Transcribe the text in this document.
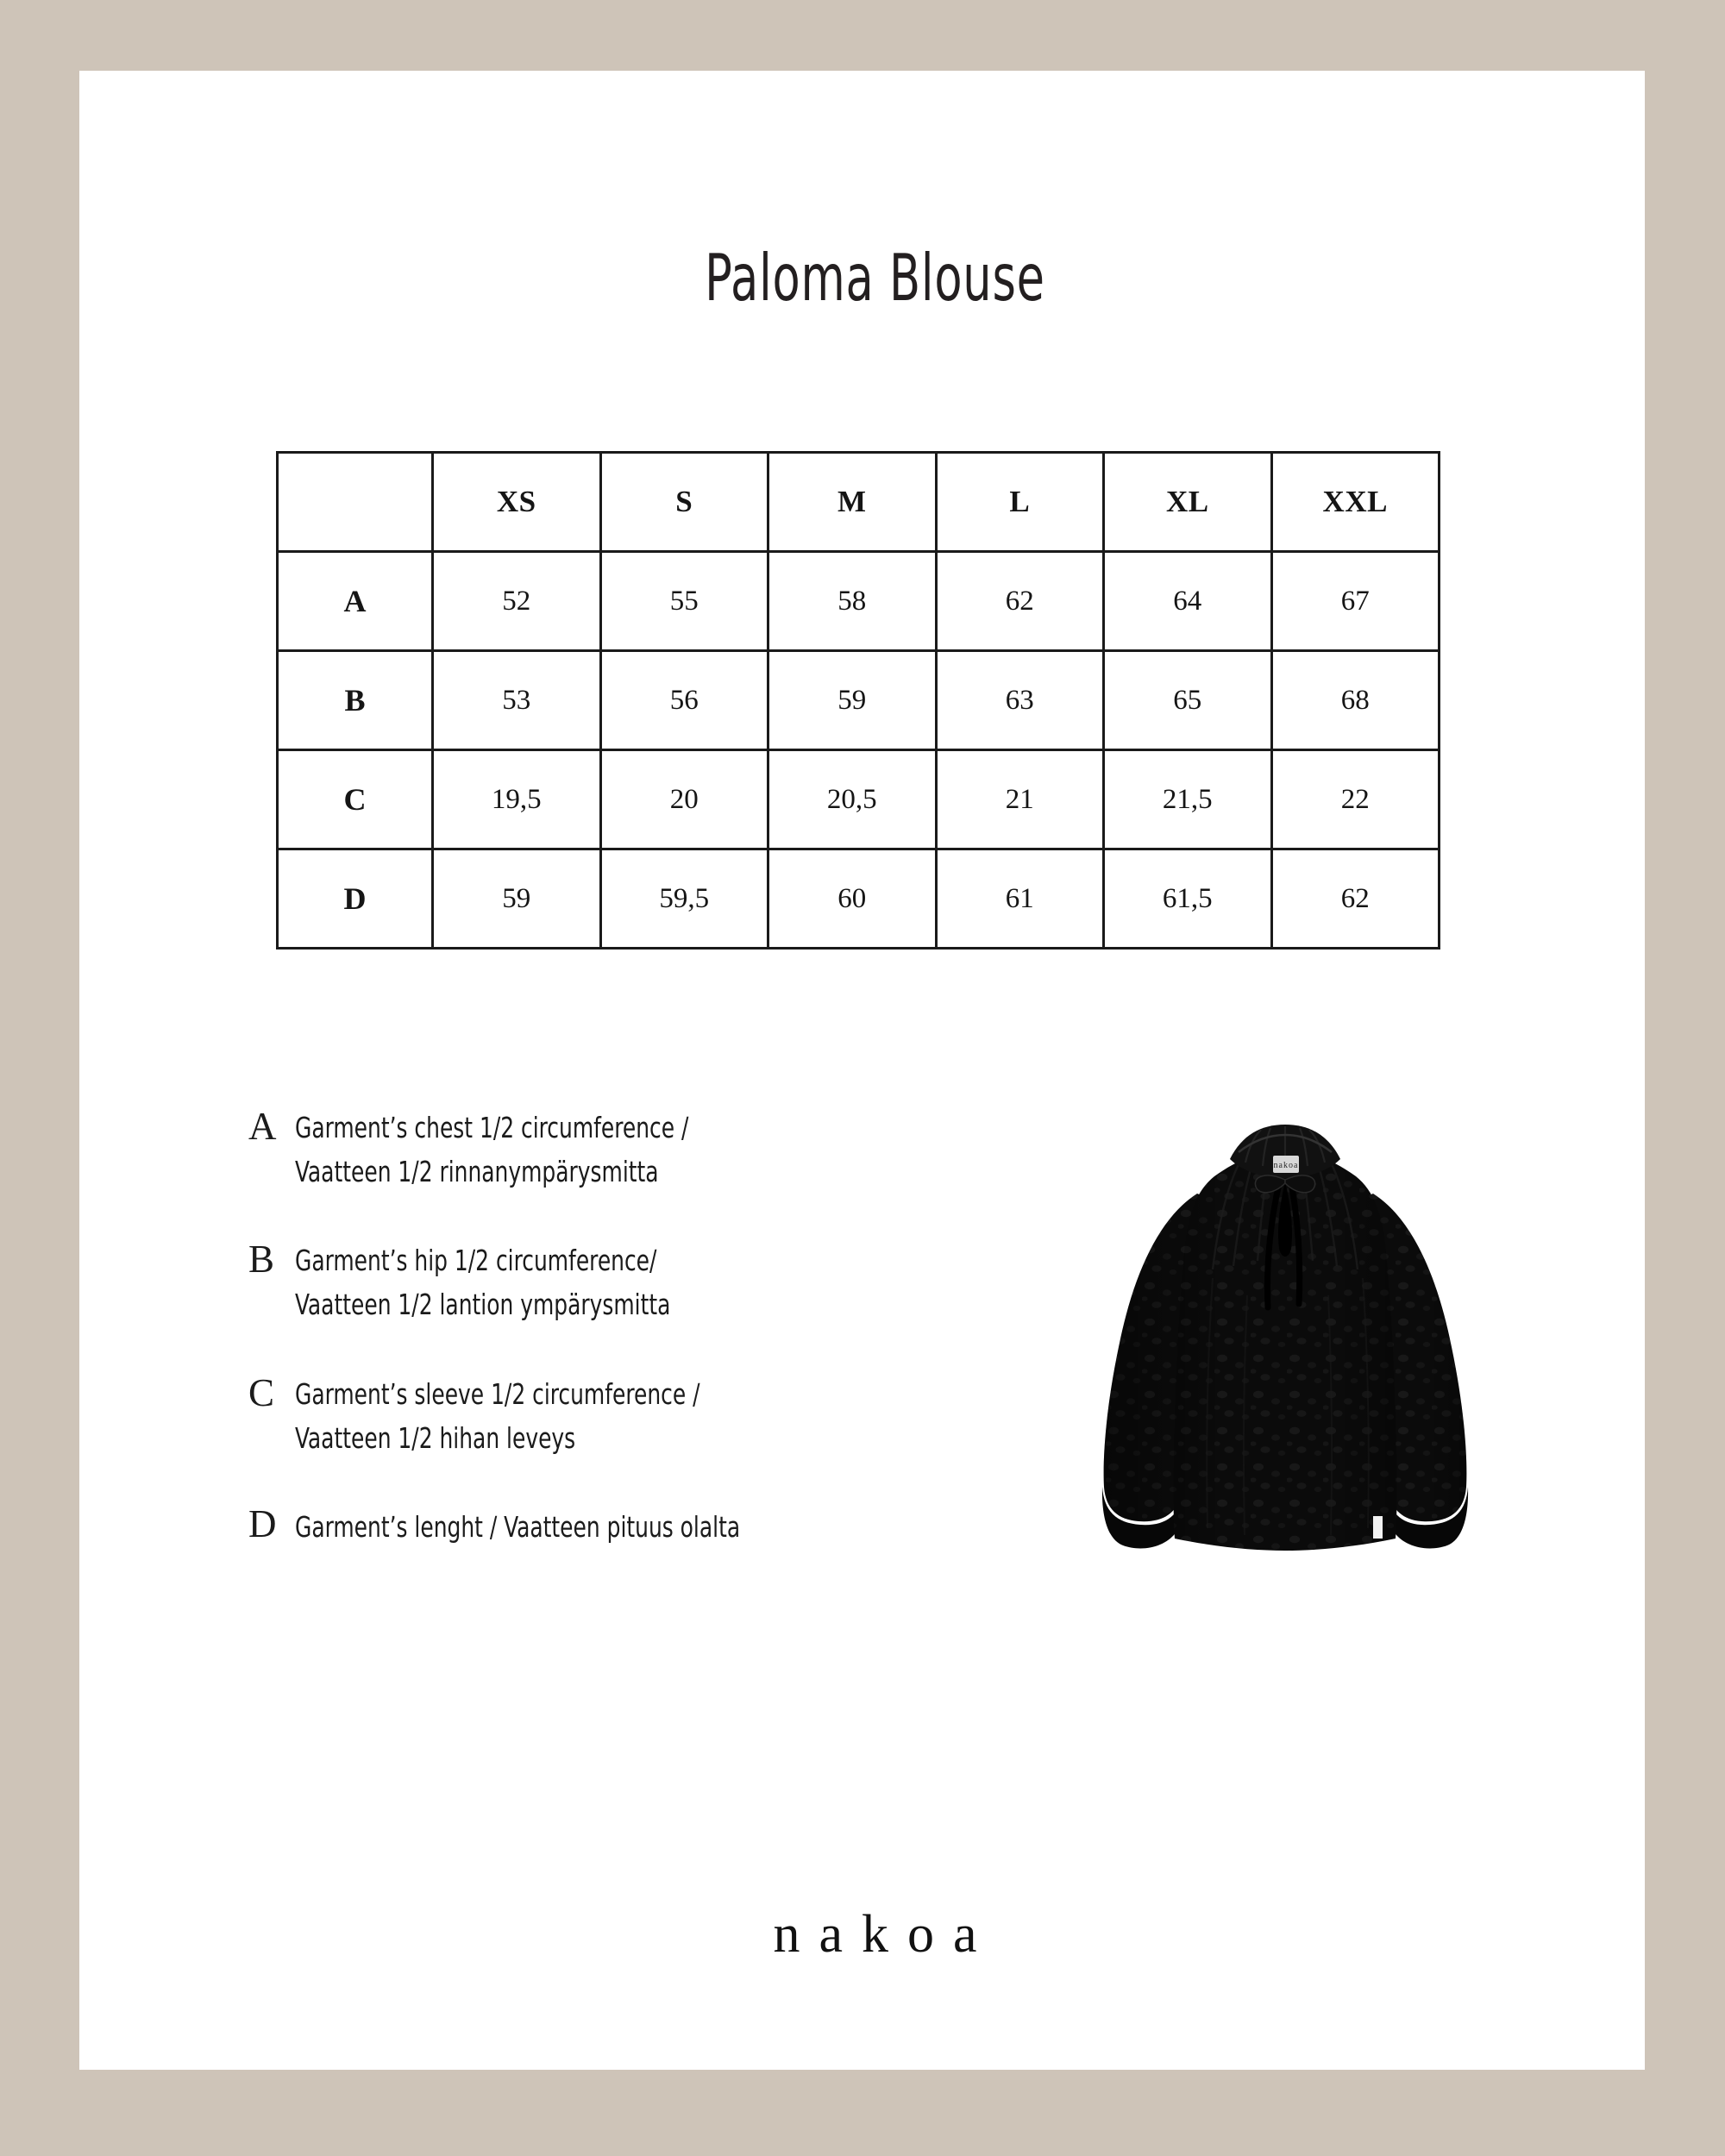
Paloma Blouse
	XS	S	M	L	XL	XXL
A	52	55	58	62	64	67
B	53	56	59	63	65	68
C	19,5	20	20,5	21	21,5	22
D	59	59,5	60	61	61,5	62
A Garment’s chest 1/2 circumference /
Vaatteen 1/2 rinnanympärysmitta
B Garment’s hip 1/2 circumference/
Vaatteen 1/2 lantion ympärysmitta
C Garment’s sleeve 1/2 circumference /
Vaatteen 1/2 hihan leveys
D Garment’s lenght / Vaatteen pituus olalta
nakoa
nakoa
